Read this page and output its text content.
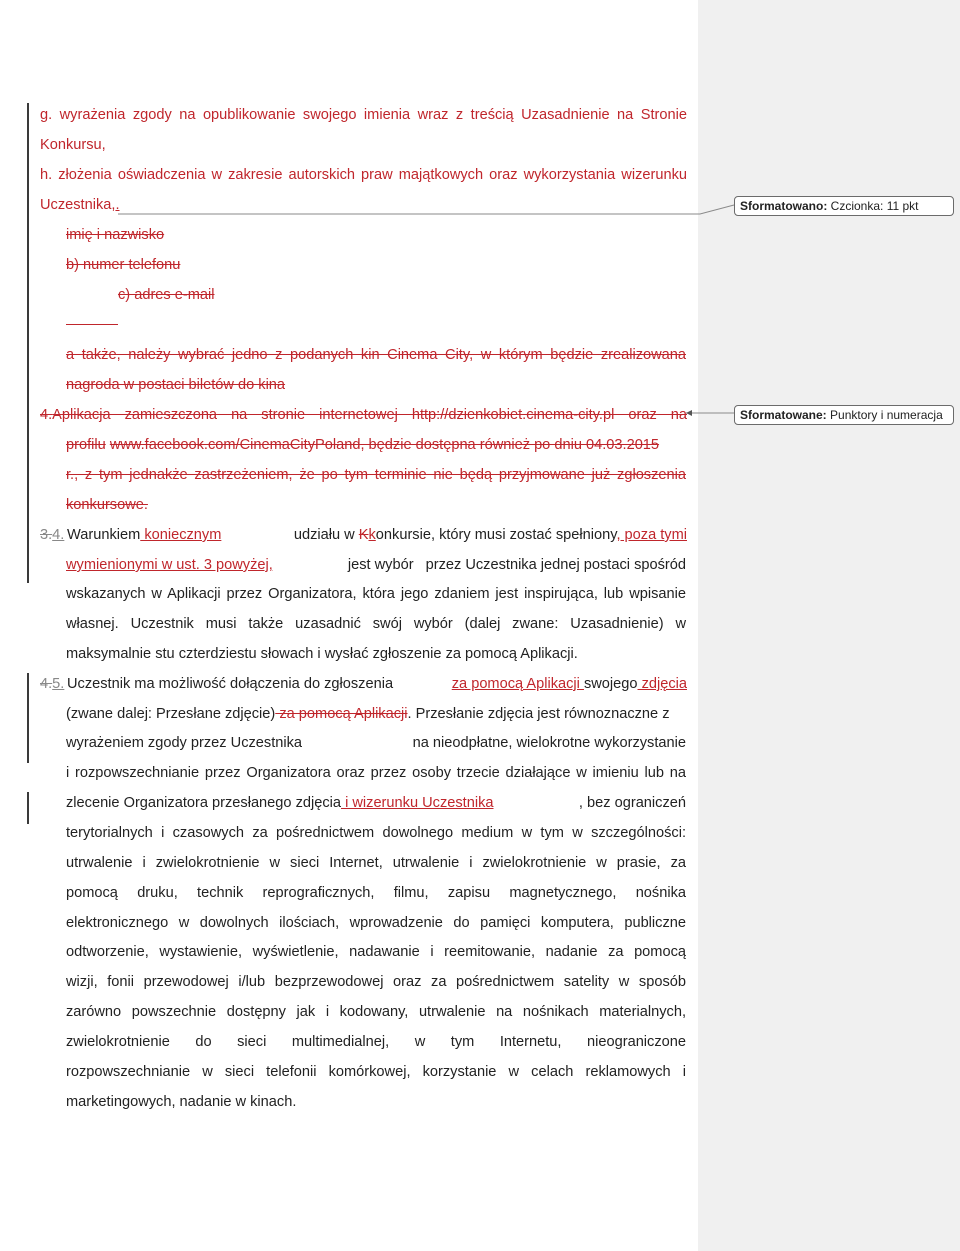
g. wyrażenia zgody na opublikowanie swojego imienia wraz z treścią Uzasadnienie na Stronie
Konkursu,
h. złożenia oświadczenia w zakresie autorskich praw majątkowych oraz wykorzystania wizerunku
Uczestnika,.
imię i nazwisko
b) numer telefonu
c) adres e-mail
a także, należy wybrać jedno z podanych kin Cinema City, w którym będzie zrealizowana
nagroda w postaci biletów do kina
4. Aplikacja zamieszczona na stronie internetowej http://dzienkobiet.cinema-city.pl oraz na
profilu www.facebook.com/CinemaCityPoland, będzie dostępna również po dniu 04.03.2015
r., z tym jednakże zastrzeżeniem, że po tym terminie nie będą przyjmowane już zgłoszenia
konkursowe.
3.4. Warunkiem koniecznym	udziału w Kkonkursie, który musi zostać spełniony, poza tymi
wymienionymi w ust. 3 powyżej,	jest wybór przez Uczestnika jednej postaci spośród
wskazanych w Aplikacji przez Organizatora, która jego zdaniem jest inspirująca, lub wpisanie
własnej. Uczestnik musi także uzasadnić swój wybór (dalej zwane: Uzasadnienie) w
maksymalnie stu czterdziestu słowach i wysłać zgłoszenie za pomocą Aplikacji.
4.5. Uczestnik ma możliwość dołączenia do zgłoszenia	za pomocą Aplikacji swojego zdjęcia
(zwane dalej: Przesłane zdjęcie) za pomocą Aplikacji. Przesłanie zdjęcia jest równoznaczne z
wyrażeniem zgody przez Uczestnika	na nieodpłatne, wielokrotne wykorzystanie
i rozpowszechnianie przez Organizatora oraz przez osoby trzecie działające w imieniu lub na
zlecenie Organizatora przesłanego zdjęcia i wizerunku Uczestnika	, bez ograniczeń
terytorialnych i czasowych za pośrednictwem dowolnego medium w tym w szczególności:
utrwalenie i zwielokrotnienie w sieci Internet, utrwalenie i zwielokrotnienie w prasie, za
pomocą druku, technik reprograficznych, filmu, zapisu magnetycznego, nośnika
elektronicznego w dowolnych ilościach, wprowadzenie do pamięci komputera, publiczne
odtworzenie, wystawienie, wyświetlenie, nadawanie i reemitowanie, nadanie za pomocą
wizji, fonii przewodowej i/lub bezprzewodowej oraz za pośrednictwem satelity w sposób
zarówno powszechnie dostępny jak i kodowany, utrwalenie na nośnikach materialnych,
zwielokrotnienie do sieci multimedialnej, w tym Internetu, nieograniczone
rozpowszechnianie w sieci telefonii komórkowej, korzystanie w celach reklamowych i
marketingowych, nadanie w kinach.
Sformatowano: Czcionka: 11 pkt
Sformatowane: Punktory i numeracja
